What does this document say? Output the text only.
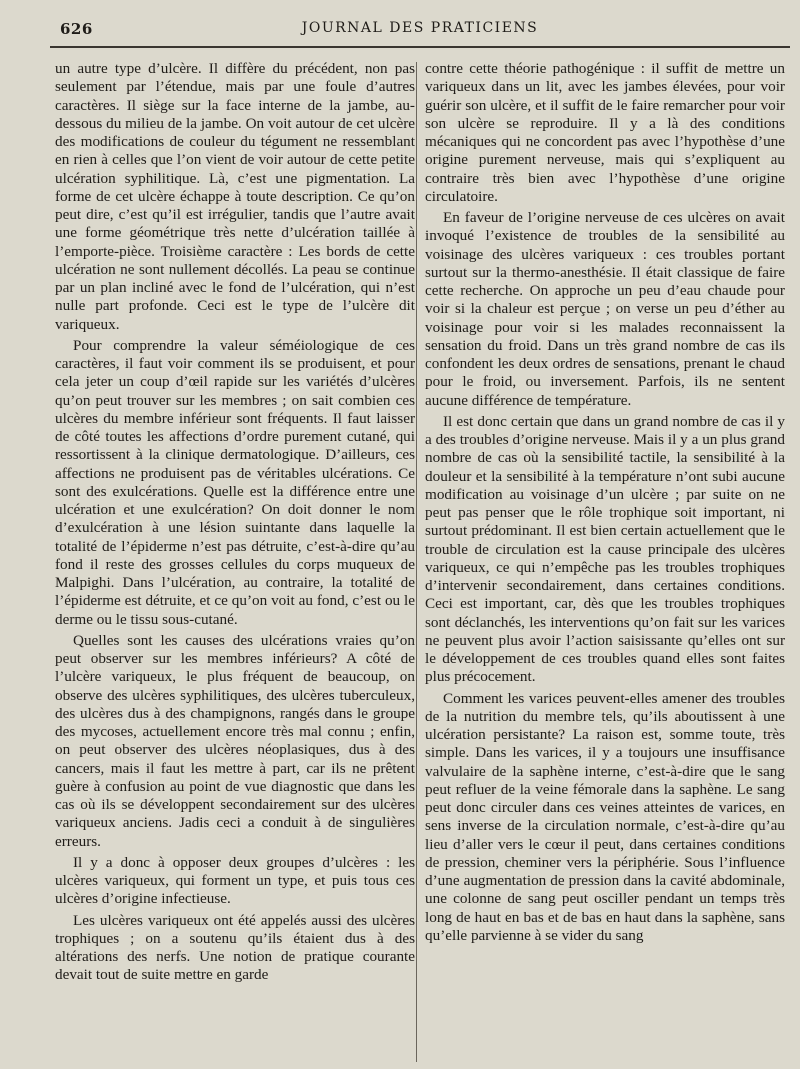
626	JOURNAL DES PRATICIENS

un autre type d’ulcère. Il diffère du précédent, non pas seulement par l’étendue, mais par une foule d’autres caractères. Il siège sur la face interne de la jambe, au-dessous du milieu de la jambe. On voit autour de cet ulcère des modifications de couleur du tégument ne ressemblant en rien à celles que l’on vient de voir autour de cette petite ulcération syphilitique. Là, c’est une pigmentation. La forme de cet ulcère échappe à toute description. Ce qu’on peut dire, c’est qu’il est irrégulier, tandis que l’autre avait une forme géométrique très nette d’ulcération taillée à l’emporte-pièce. Troisième caractère : Les bords de cette ulcération ne sont nullement décollés. La peau se continue par un plan incliné avec le fond de l’ulcération, qui n’est nulle part profonde. Ceci est le type de l’ulcère dit variqueux.

Pour comprendre la valeur séméiologique de ces caractères, il faut voir comment ils se produisent, et pour cela jeter un coup d’œil rapide sur les variétés d’ulcères qu’on peut trouver sur les membres ; on sait combien ces ulcères du membre inférieur sont fréquents. Il faut laisser de côté toutes les affections d’ordre purement cutané, qui ressortissent à la clinique dermatologique. D’ailleurs, ces affections ne produisent pas de véritables ulcérations. Ce sont des exulcérations. Quelle est la différence entre une ulcération et une exulcération? On doit donner le nom d’exulcération à une lésion suintante dans laquelle la totalité de l’épiderme n’est pas détruite, c’est-à-dire qu’au fond il reste des grosses cellules du corps muqueux de Malpighi. Dans l’ulcération, au contraire, la totalité de l’épiderme est détruite, et ce qu’on voit au fond, c’est ou le derme ou le tissu sous-cutané.

Quelles sont les causes des ulcérations vraies qu’on peut observer sur les membres inférieurs? A côté de l’ulcère variqueux, le plus fréquent de beaucoup, on observe des ulcères syphilitiques, des ulcères tuberculeux, des ulcères dus à des champignons, rangés dans le groupe des mycoses, actuellement encore très mal connu ; enfin, on peut observer des ulcères néoplasiques, dus à des cancers, mais il faut les mettre à part, car ils ne prêtent guère à confusion au point de vue diagnostic que dans les cas où ils se développent secondairement sur des ulcères variqueux anciens. Jadis ceci a conduit à de singulières erreurs.

Il y a donc à opposer deux groupes d’ulcères : les ulcères variqueux, qui forment un type, et puis tous ces ulcères d’origine infectieuse.

Les ulcères variqueux ont été appelés aussi des ulcères trophiques ; on a soutenu qu’ils étaient dus à des altérations des nerfs. Une notion de pratique courante devait tout de suite mettre en garde

contre cette théorie pathogénique : il suffit de mettre un variqueux dans un lit, avec les jambes élevées, pour voir guérir son ulcère, et il suffit de le faire remarcher pour voir son ulcère se reproduire. Il y a là des conditions mécaniques qui ne concordent pas avec l’hypothèse d’une origine purement nerveuse, mais qui s’expliquent au contraire très bien avec l’hypothèse d’une origine circulatoire.

En faveur de l’origine nerveuse de ces ulcères on avait invoqué l’existence de troubles de la sensibilité au voisinage des ulcères variqueux : ces troubles portant surtout sur la thermo-anesthésie. Il était classique de faire cette recherche. On approche un peu d’eau chaude pour voir si la chaleur est perçue ; on verse un peu d’éther au voisinage pour voir si les malades reconnaissent la sensation du froid. Dans un très grand nombre de cas ils confondent les deux ordres de sensations, prenant le chaud pour le froid, ou inversement. Parfois, ils ne sentent aucune différence de température.

Il est donc certain que dans un grand nombre de cas il y a des troubles d’origine nerveuse. Mais il y a un plus grand nombre de cas où la sensibilité tactile, la sensibilité à la douleur et la sensibilité à la température n’ont subi aucune modification au voisinage d’un ulcère ; par suite on ne peut pas penser que le rôle trophique soit important, ni surtout prédominant. Il est bien certain actuellement que le trouble de circulation est la cause principale des ulcères variqueux, ce qui n’empêche pas les troubles trophiques d’intervenir secondairement, dans certaines conditions. Ceci est important, car, dès que les troubles trophiques sont déclanchés, les interventions qu’on fait sur les varices ne peuvent plus avoir l’action saisissante qu’elles ont sur le développement de ces troubles quand elles sont faites plus précocement.

Comment les varices peuvent-elles amener des troubles de la nutrition du membre tels, qu’ils aboutissent à une ulcération persistante? La raison est, somme toute, très simple. Dans les varices, il y a toujours une insuffisance valvulaire de la saphène interne, c’est-à-dire que le sang peut refluer de la veine fémorale dans la saphène. Le sang peut donc circuler dans ces veines atteintes de varices, en sens inverse de la circulation normale, c’est-à-dire qu’au lieu d’aller vers le cœur il peut, dans certaines conditions de pression, cheminer vers la périphérie. Sous l’influence d’une augmentation de pression dans la cavité abdominale, une colonne de sang peut osciller pendant un temps très long de haut en bas et de bas en haut dans la saphène, sans qu’elle parvienne à se vider du sang
